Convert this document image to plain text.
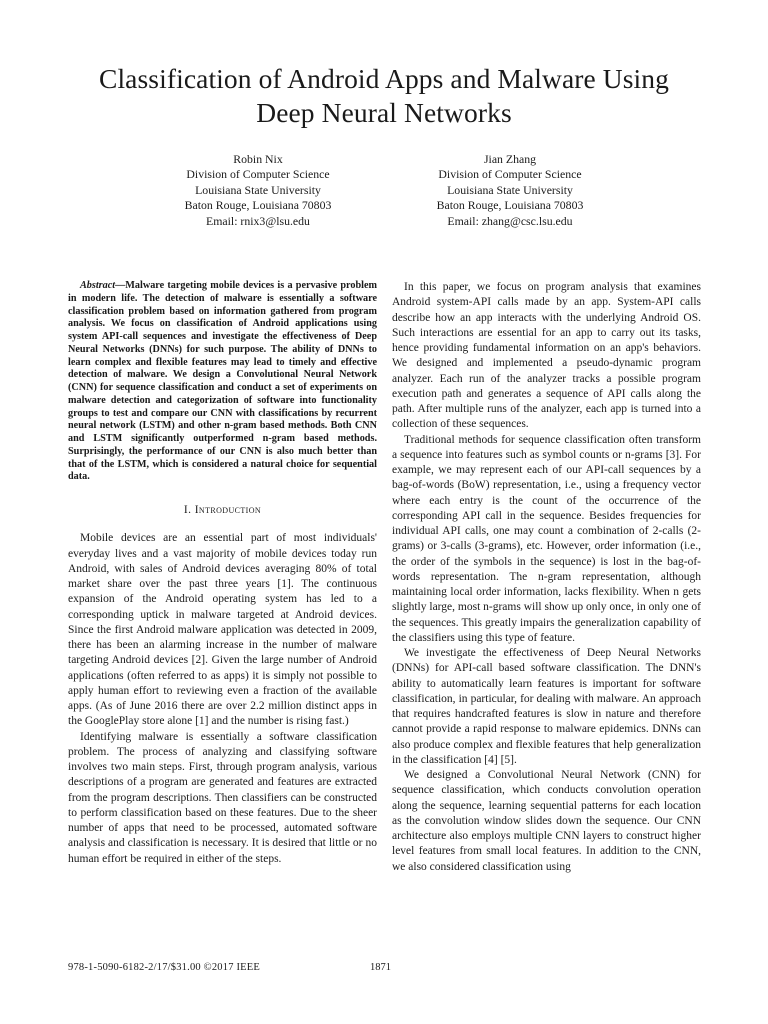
Classification of Android Apps and Malware Using
Deep Neural Networks
Robin Nix
Division of Computer Science
Louisiana State University
Baton Rouge, Louisiana 70803
Email: rnix3@lsu.edu
Jian Zhang
Division of Computer Science
Louisiana State University
Baton Rouge, Louisiana 70803
Email: zhang@csc.lsu.edu

Abstract—Malware targeting mobile devices is a pervasive problem in modern life. The detection of malware is essentially a software classification problem based on information gathered from program analysis. We focus on classification of Android applications using system API-call sequences and investigate the effectiveness of Deep Neural Networks (DNNs) for such purpose. The ability of DNNs to learn complex and flexible features may lead to timely and effective detection of malware. We design a Convolutional Neural Network (CNN) for sequence classification and conduct a set of experiments on malware detection and categorization of software into functionality groups to test and compare our CNN with classifications by recurrent neural network (LSTM) and other n-gram based methods. Both CNN and LSTM significantly outperformed n-gram based methods. Surprisingly, the performance of our CNN is also much better than that of the LSTM, which is considered a natural choice for sequential data.

I. Introduction

Mobile devices are an essential part of most individuals' everyday lives and a vast majority of mobile devices today run Android, with sales of Android devices averaging 80% of total market share over the past three years [1]. The continuous expansion of the Android operating system has led to a corresponding uptick in malware targeted at Android devices. Since the first Android malware application was detected in 2009, there has been an alarming increase in the number of malware targeting Android devices [2]. Given the large number of Android applications (often referred to as apps) it is simply not possible to apply human effort to reviewing even a fraction of the available apps. (As of June 2016 there are over 2.2 million distinct apps in the GooglePlay store alone [1] and the number is rising fast.)

Identifying malware is essentially a software classification problem. The process of analyzing and classifying software involves two main steps. First, through program analysis, various descriptions of a program are generated and features are extracted from the program descriptions. Then classifiers can be constructed to perform classification based on these features. Due to the sheer number of apps that need to be processed, automated software analysis and classification is necessary. It is desired that little or no human effort be required in either of the steps.

In this paper, we focus on program analysis that examines Android system-API calls made by an app. System-API calls describe how an app interacts with the underlying Android OS. Such interactions are essential for an app to carry out its tasks, hence providing fundamental information on an app's behaviors. We designed and implemented a pseudo-dynamic program analyzer. Each run of the analyzer tracks a possible program execution path and generates a sequence of API calls along the path. After multiple runs of the analyzer, each app is turned into a collection of these sequences.

Traditional methods for sequence classification often transform a sequence into features such as symbol counts or n-grams [3]. For example, we may represent each of our API-call sequences by a bag-of-words (BoW) representation, i.e., using a frequency vector where each entry is the count of the occurrence of the corresponding API call in the sequence. Besides frequencies for individual API calls, one may count a combination of 2-calls (2-grams) or 3-calls (3-grams), etc. However, order information (i.e., the order of the symbols in the sequence) is lost in the bag-of-words representation. The n-gram representation, although maintaining local order information, lacks flexibility. When n gets slightly large, most n-grams will show up only once, in only one of the sequences. This greatly impairs the generalization capability of the classifiers using this type of feature.

We investigate the effectiveness of Deep Neural Networks (DNNs) for API-call based software classification. The DNN's ability to automatically learn features is important for software classification, in particular, for dealing with malware. An approach that requires handcrafted features is slow in nature and therefore cannot provide a rapid response to malware epidemics. DNNs can also produce complex and flexible features that help generalization in the classification [4] [5].

We designed a Convolutional Neural Network (CNN) for sequence classification, which conducts convolution operation along the sequence, learning sequential patterns for each location as the convolution window slides down the sequence. Our CNN architecture also employs multiple CNN layers to construct higher level features from small local features. In addition to the CNN, we also considered classification using

978-1-5090-6182-2/17/$31.00 ©2017 IEEE	1871
